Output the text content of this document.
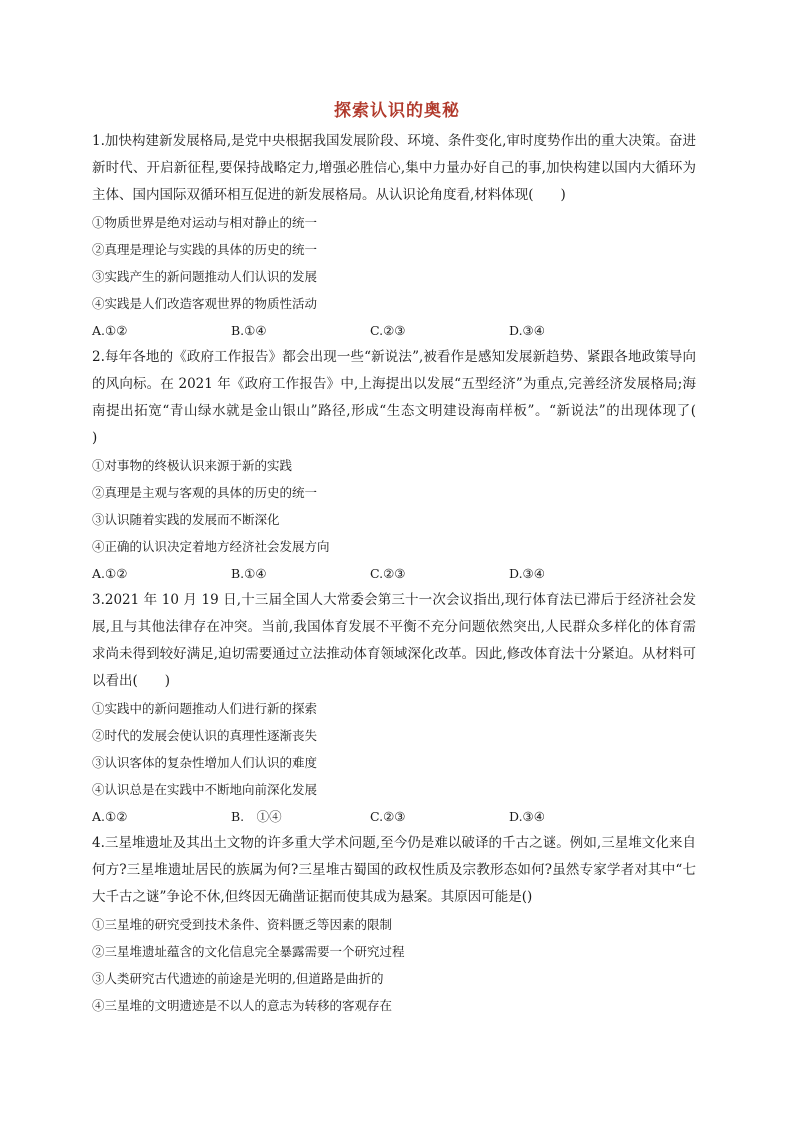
探索认识的奥秘
1.加快构建新发展格局,是党中央根据我国发展阶段、环境、条件变化,审时度势作出的重大决策。奋进新时代、开启新征程,要保持战略定力,增强必胜信心,集中力量办好自己的事,加快构建以国内大循环为主体、国内国际双循环相互促进的新发展格局。从认识论角度看,材料体现(　　)
①物质世界是绝对运动与相对静止的统一
②真理是理论与实践的具体的历史的统一
③实践产生的新问题推动人们认识的发展
④实践是人们改造客观世界的物质性活动
A.①②	B.①④	C.②③	D.③④
2.每年各地的《政府工作报告》都会出现一些“新说法”,被看作是感知发展新趋势、紧跟各地政策导向的风向标。在 2021 年《政府工作报告》中,上海提出以发展“五型经济”为重点,完善经济发展格局;海南提出拓宽“青山绿水就是金山银山”路径,形成“生态文明建设海南样板”。“新说法”的出现体现了(　　)
①对事物的终极认识来源于新的实践
②真理是主观与客观的具体的历史的统一
③认识随着实践的发展而不断深化
④正确的认识决定着地方经济社会发展方向
A.①②	B.①④	C.②③	D.③④
3.2021 年 10 月 19 日,十三届全国人大常委会第三十一次会议指出,现行体育法已滞后于经济社会发展,且与其他法律存在冲突。当前,我国体育发展不平衡不充分问题依然突出,人民群众多样化的体育需求尚未得到较好满足,迫切需要通过立法推动体育领域深化改革。因此,修改体育法十分紧迫。从材料可以看出(　　)
①实践中的新问题推动人们进行新的探索
②时代的发展会使认识的真理性逐渐丧失
③认识客体的复杂性增加人们认识的难度
④认识总是在实践中不断地向前深化发展
A.①②	B.　①④	C.②③	D.③④
4.三星堆遗址及其出土文物的许多重大学术问题,至今仍是难以破译的千古之谜。例如,三星堆文化来自何方?三星堆遗址居民的族属为何?三星堆古蜀国的政权性质及宗教形态如何?虽然专家学者对其中“七大千古之谜”争论不休,但终因无确凿证据而使其成为悬案。其原因可能是()
①三星堆的研究受到技术条件、资料匮乏等因素的限制
②三星堆遗址蕴含的文化信息完全暴露需要一个研究过程
③人类研究古代遗迹的前途是光明的,但道路是曲折的
④三星堆的文明遗迹是不以人的意志为转移的客观存在
